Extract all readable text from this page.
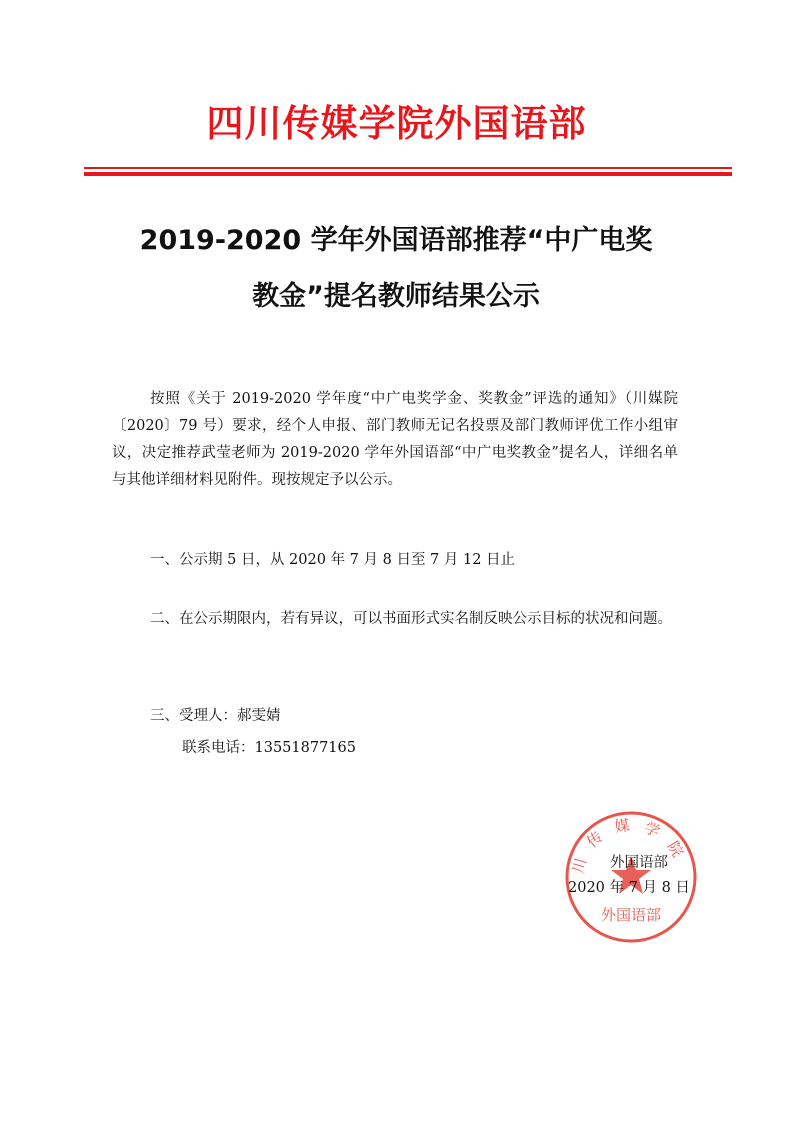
四川传媒学院外国语部
2019-2020 学年外国语部推荐“中广电奖
教金”提名教师结果公示
按照《关于 2019-2020 学年度“中广电奖学金、奖教金”评选的通知》（川媒院〔2020〕79 号）要求，经个人申报、部门教师无记名投票及部门教师评优工作小组审议，决定推荐武莹老师为 2019-2020 学年外国语部“中广电奖教金”提名人，详细名单与其他详细材料见附件。现按规定予以公示。
一、公示期 5 日，从 2020 年 7 月 8 日至 7 月 12 日止
二、在公示期限内，若有异议，可以书面形式实名制反映公示目标的状况和问题。
三、受理人：郝雯婧
联系电话：13551877165
川 传 媒 学 院
外国语部
外国语部
2020 年 7 月 8 日
